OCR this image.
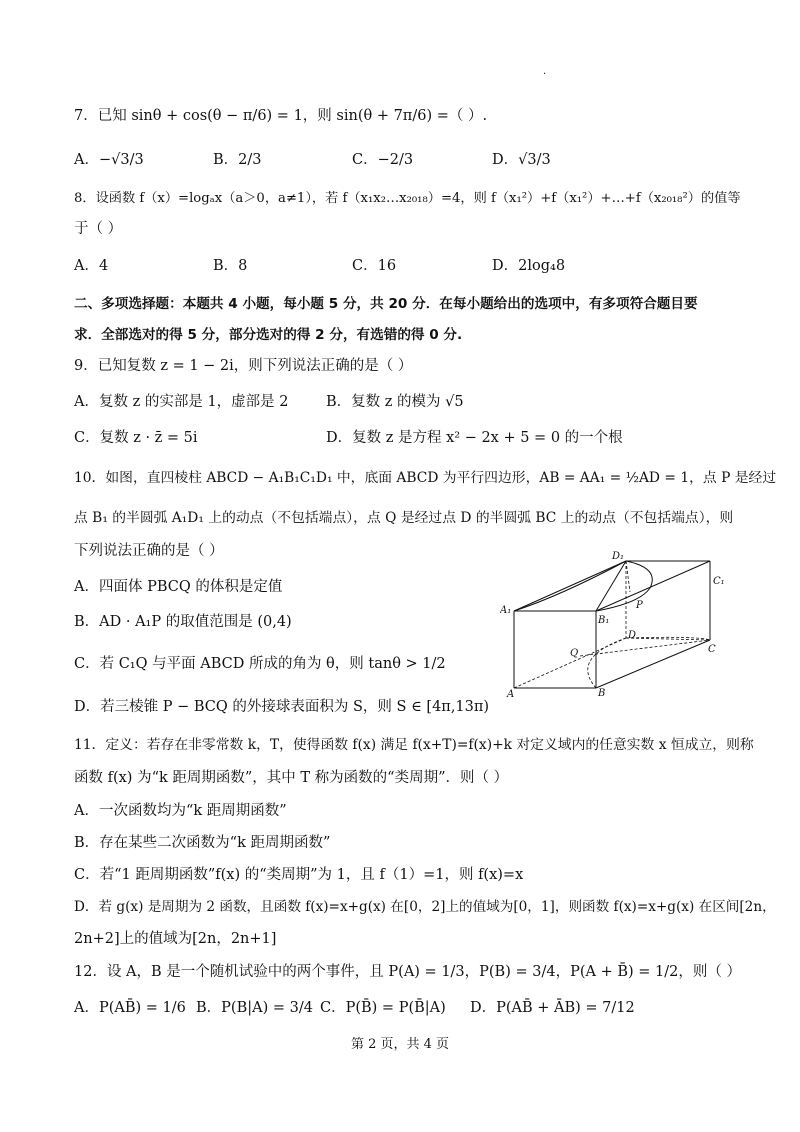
.
7．已知 sinθ + cos(θ − π/6) = 1，则 sin(θ + 7π/6) =（ ）.
A．−√3/3	B．2/3	C．−2/3	D．√3/3
8．设函数 f（x）=logₐx（a＞0，a≠1），若 f（x₁x₂…x₂₀₁₈）=4，则 f（x₁²）+f（x₁²）+…+f（x₂₀₁₈²）的值等
于（ ）
A．4	B．8	C．16	D．2log₄8
二、多项选择题：本题共 4 小题，每小题 5 分，共 20 分．在每小题给出的选项中，有多项符合题目要
求．全部选对的得 5 分，部分选对的得 2 分，有选错的得 0 分.
9．已知复数 z = 1 − 2i，则下列说法正确的是（ ）
A．复数 z 的实部是 1，虚部是 2	B．复数 z 的模为 √5
C．复数 z · z̄ = 5i	D．复数 z 是方程 x² − 2x + 5 = 0 的一个根
10．如图，直四棱柱 ABCD − A₁B₁C₁D₁ 中，底面 ABCD 为平行四边形，AB = AA₁ = ½AD = 1，点 P 是经过
点 B₁ 的半圆弧 A₁D₁ 上的动点（不包括端点），点 Q 是经过点 D 的半圆弧 BC 上的动点（不包括端点），则
下列说法正确的是（ ）
A．四面体 PBCQ 的体积是定值
B．AD · A₁P 的取值范围是 (0,4)
C．若 C₁Q 与平面 ABCD 所成的角为 θ，则 tanθ > 1/2
D．若三棱锥 P − BCQ 的外接球表面积为 S，则 S ∈ [4π,13π)
D₁
C₁
A₁
B₁
P
D
Q	C
A	B
11．定义：若存在非零常数 k，T，使得函数 f(x) 满足 f(x+T)=f(x)+k 对定义域内的任意实数 x 恒成立，则称
函数 f(x) 为“k 距周期函数”，其中 T 称为函数的“类周期”．则（ ）
A．一次函数均为“k 距周期函数”
B．存在某些二次函数为“k 距周期函数”
C．若“1 距周期函数”f(x) 的“类周期”为 1，且 f（1）=1，则 f(x)=x
D．若 g(x) 是周期为 2 函数，且函数 f(x)=x+g(x) 在[0，2]上的值域为[0，1]，则函数 f(x)=x+g(x) 在区间[2n，
2n+2]上的值域为[2n，2n+1]
12．设 A，B 是一个随机试验中的两个事件，且 P(A) = 1/3，P(B) = 3/4，P(A + B̄) = 1/2，则（ ）
A．P(AB̄) = 1/6 B．P(B|A) = 3/4 C．P(B̄) = P(B̄|A) D．P(AB̄ + ĀB) = 7/12
第 2 页，共 4 页
